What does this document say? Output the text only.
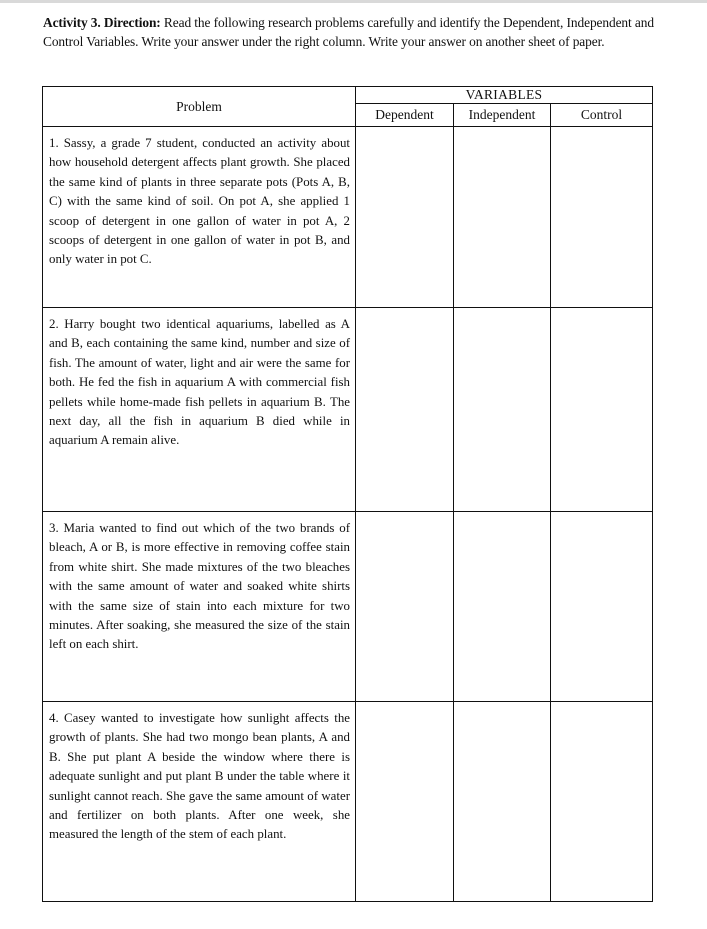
Activity 3. Direction: Read the following research problems carefully and identify the Dependent, Independent and Control Variables. Write your answer under the right column. Write your answer on another sheet of paper.
Problem	VARIABLES		
	Dependent	Independent	Control
1. Sassy, a grade 7 student, conducted an activity about how household detergent affects plant growth. She placed the same kind of plants in three separate pots (Pots A, B, C) with the same kind of soil. On pot A, she applied 1 scoop of detergent in one gallon of water in pot A, 2 scoops of detergent in one gallon of water in pot B, and only water in pot C.			
2. Harry bought two identical aquariums, labelled as A and B, each containing the same kind, number and size of fish. The amount of water, light and air were the same for both. He fed the fish in aquarium A with commercial fish pellets while home-made fish pellets in aquarium B. The next day, all the fish in aquarium B died while in aquarium A remain alive.			
3. Maria wanted to find out which of the two brands of bleach, A or B, is more effective in removing coffee stain from white shirt. She made mixtures of the two bleaches with the same amount of water and soaked white shirts with the same size of stain into each mixture for two minutes. After soaking, she measured the size of the stain left on each shirt.			
4. Casey wanted to investigate how sunlight affects the growth of plants. She had two mongo bean plants, A and B. She put plant A beside the window where there is adequate sunlight and put plant B under the table where it sunlight cannot reach. She gave the same amount of water and fertilizer on both plants. After one week, she measured the length of the stem of each plant.			
